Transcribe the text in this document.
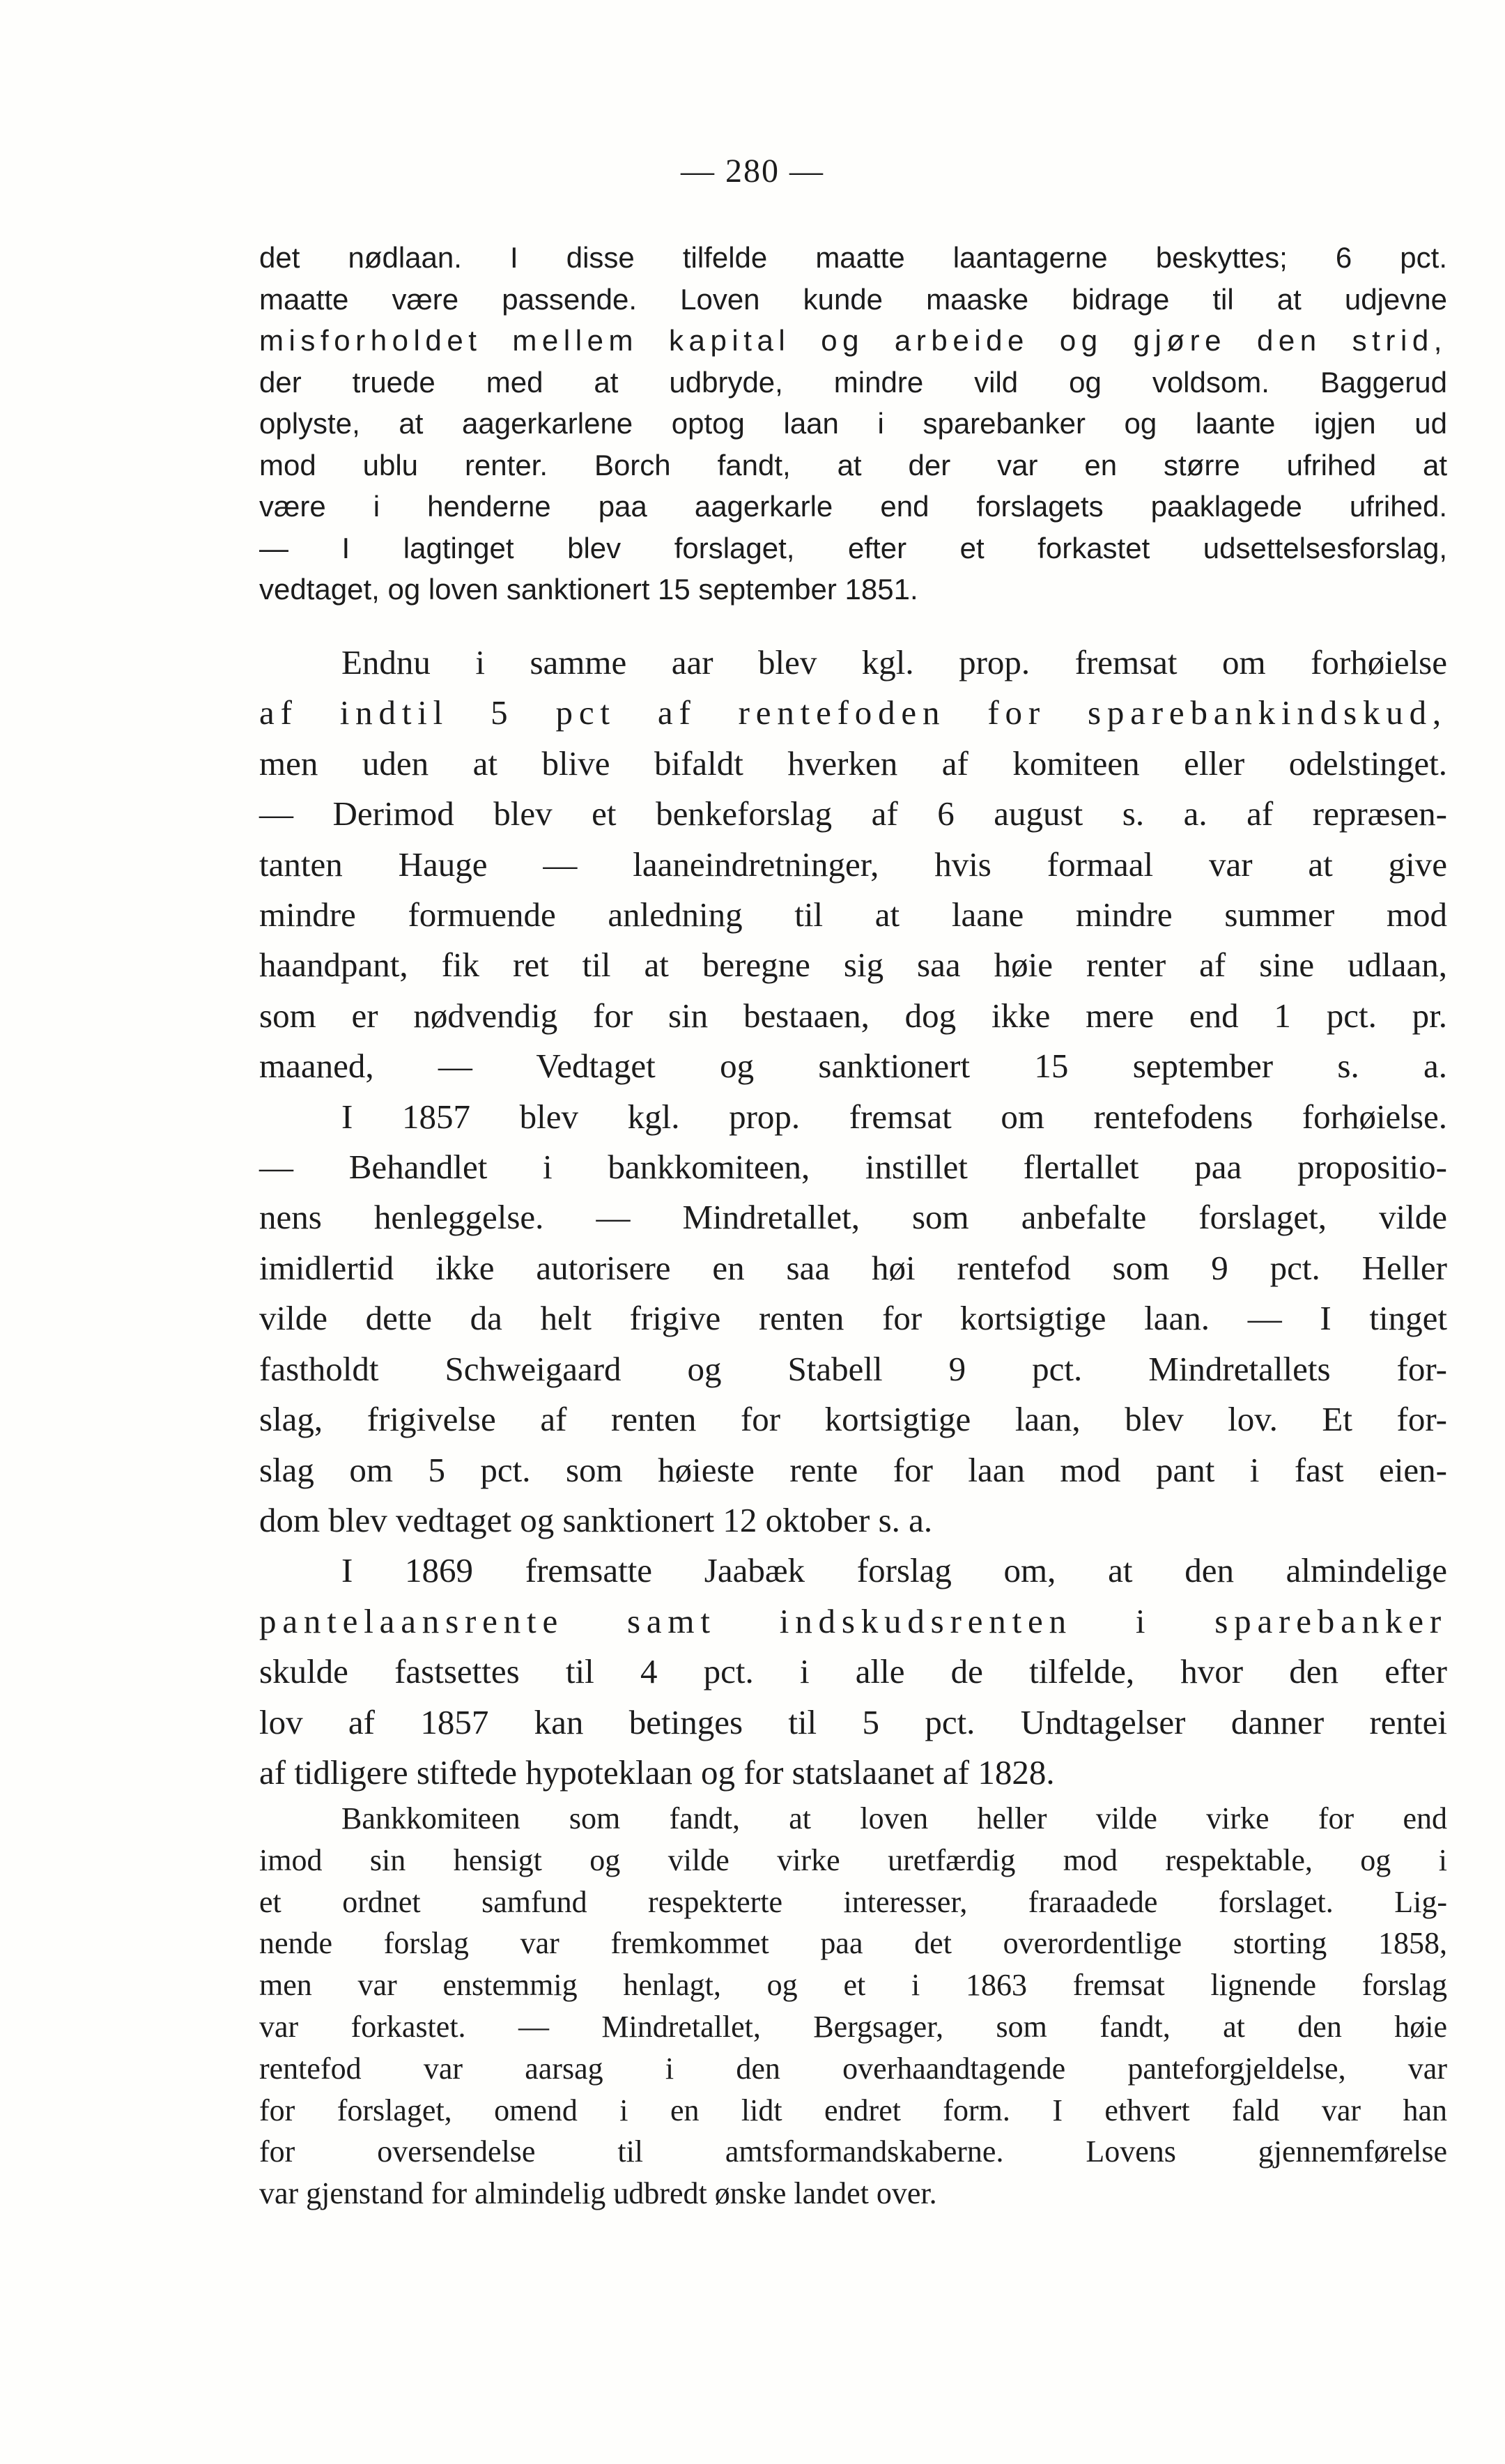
— 280 —
det nødlaan. I disse tilfelde maatte laantagerne beskyttes; 6 pct.
maatte være passende. Loven kunde maaske bidrage til at udjevne
misforholdet mellem kapital og arbeide og gjøre den strid,
der truede med at udbryde, mindre vild og voldsom. Baggerud
oplyste, at aagerkarlene optog laan i sparebanker og laante igjen ud
mod ublu renter. Borch fandt, at der var en større ufrihed at
være i henderne paa aagerkarle end forslagets paaklagede ufrihed.
— I lagtinget blev forslaget, efter et forkastet udsettelsesforslag,
vedtaget, og loven sanktionert 15 september 1851.
Endnu i samme aar blev kgl. prop. fremsat om forhøielse
af indtil 5 pct af rentefoden for sparebankindskud,
men uden at blive bifaldt hverken af komiteen eller odelstinget.
— Derimod blev et benkeforslag af 6 august s. a. af repræsen-
tanten Hauge — laaneindretninger, hvis formaal var at give
mindre formuende anledning til at laane mindre summer mod
haandpant, fik ret til at beregne sig saa høie renter af sine udlaan,
som er nødvendig for sin bestaaen, dog ikke mere end 1 pct. pr.
maaned, — Vedtaget og sanktionert 15 september s. a.
I 1857 blev kgl. prop. fremsat om rentefodens forhøielse.
— Behandlet i bankkomiteen, instillet flertallet paa propositio-
nens henleggelse. — Mindretallet, som anbefalte forslaget, vilde
imidlertid ikke autorisere en saa høi rentefod som 9 pct. Heller
vilde dette da helt frigive renten for kortsigtige laan. — I tinget
fastholdt Schweigaard og Stabell 9 pct. Mindretallets for-
slag, frigivelse af renten for kortsigtige laan, blev lov. Et for-
slag om 5 pct. som høieste rente for laan mod pant i fast eien-
dom blev vedtaget og sanktionert 12 oktober s. a.
I 1869 fremsatte Jaabæk forslag om, at den almindelige
pantelaansrente samt indskudsrenten i sparebanker
skulde fastsettes til 4 pct. i alle de tilfelde, hvor den efter
lov af 1857 kan betinges til 5 pct. Undtagelser danner rentei
af tidligere stiftede hypoteklaan og for statslaanet af 1828.
Bankkomiteen som fandt, at loven heller vilde virke for end
imod sin hensigt og vilde virke uretfærdig mod respektable, og i
et ordnet samfund respekterte interesser, fraraadede forslaget. Lig-
nende forslag var fremkommet paa det overordentlige storting 1858,
men var enstemmig henlagt, og et i 1863 fremsat lignende forslag
var forkastet. — Mindretallet, Bergsager, som fandt, at den høie
rentefod var aarsag i den overhaandtagende panteforgjeldelse, var
for forslaget, omend i en lidt endret form. I ethvert fald var han
for oversendelse til amtsformandskaberne. Lovens gjennemførelse
var gjenstand for almindelig udbredt ønske landet over.
